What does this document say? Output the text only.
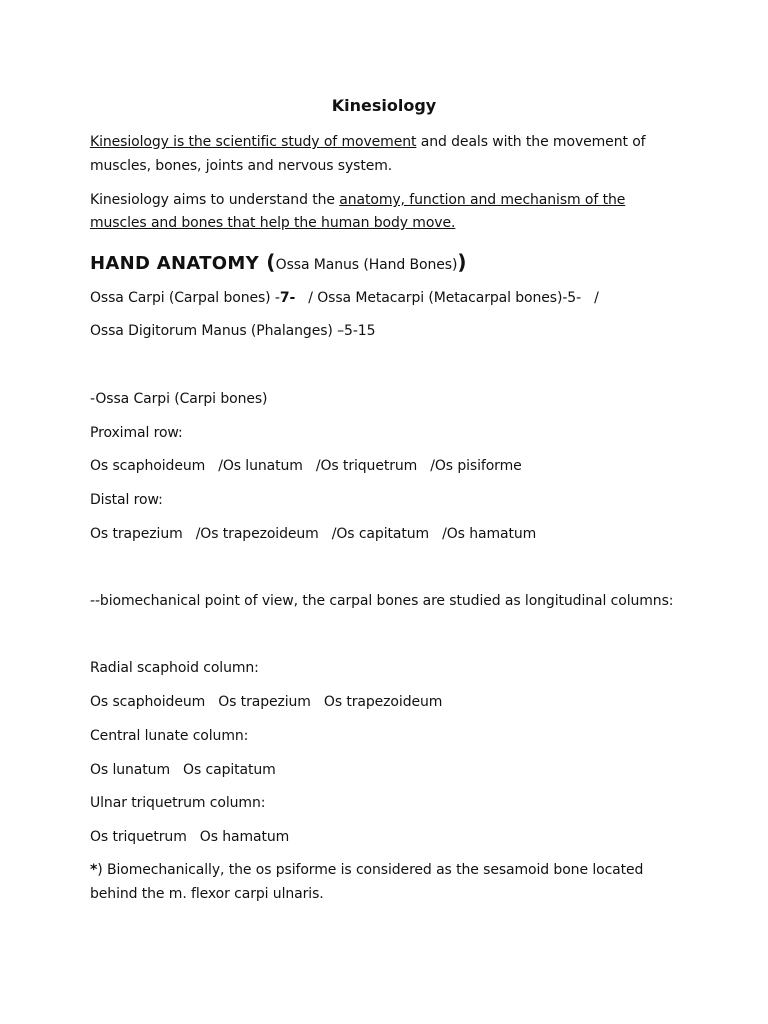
Kinesiology
Kinesiology is the scientific study of movement and deals with the movement of
muscles, bones, joints and nervous system.
Kinesiology aims to understand the anatomy, function and mechanism of the
muscles and bones that help the human body move.
HAND ANATOMY (Ossa Manus (Hand Bones))
Ossa Carpi (Carpal bones) -7-   / Ossa Metacarpi (Metacarpal bones)-5-   /
Ossa Digitorum Manus (Phalanges) –5-15
-Ossa Carpi (Carpi bones)
Proximal row:
Os scaphoideum   /Os lunatum   /Os triquetrum   /Os pisiforme
Distal row:
Os trapezium   /Os trapezoideum   /Os capitatum   /Os hamatum
--biomechanical point of view, the carpal bones are studied as longitudinal columns:
Radial scaphoid column:
Os scaphoideum   Os trapezium   Os trapezoideum
Central lunate column:
Os lunatum   Os capitatum
Ulnar triquetrum column:
Os triquetrum   Os hamatum
*) Biomechanically, the os psiforme is considered as the sesamoid bone located
behind the m. flexor carpi ulnaris.
